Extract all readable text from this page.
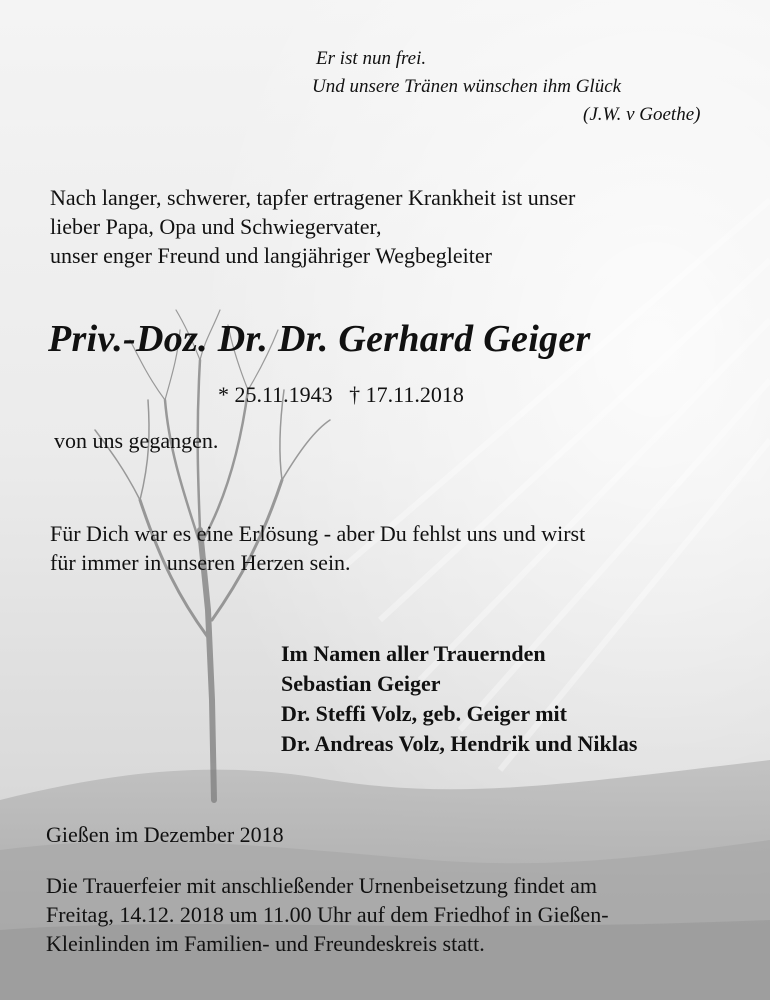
Er ist nun frei.
Und unsere Tränen wünschen ihm Glück
(J.W. v Goethe)
Nach langer, schwerer, tapfer ertragener Krankheit ist unser
lieber Papa, Opa und Schwiegervater,
unser enger Freund und langjähriger Wegbegleiter
Priv.-Doz. Dr. Dr. Gerhard Geiger
* 25.11.1943   † 17.11.2018
von uns gegangen.
Für Dich war es eine Erlösung - aber Du fehlst uns und wirst
für immer in unseren Herzen sein.
Im Namen aller Trauernden
Sebastian Geiger
Dr. Steffi Volz, geb. Geiger mit
Dr. Andreas Volz, Hendrik und Niklas
Gießen im Dezember 2018
Die Trauerfeier mit anschließender Urnenbeisetzung findet am
Freitag, 14.12. 2018 um 11.00 Uhr auf dem Friedhof in Gießen-
Kleinlinden im Familien- und Freundeskreis statt.
